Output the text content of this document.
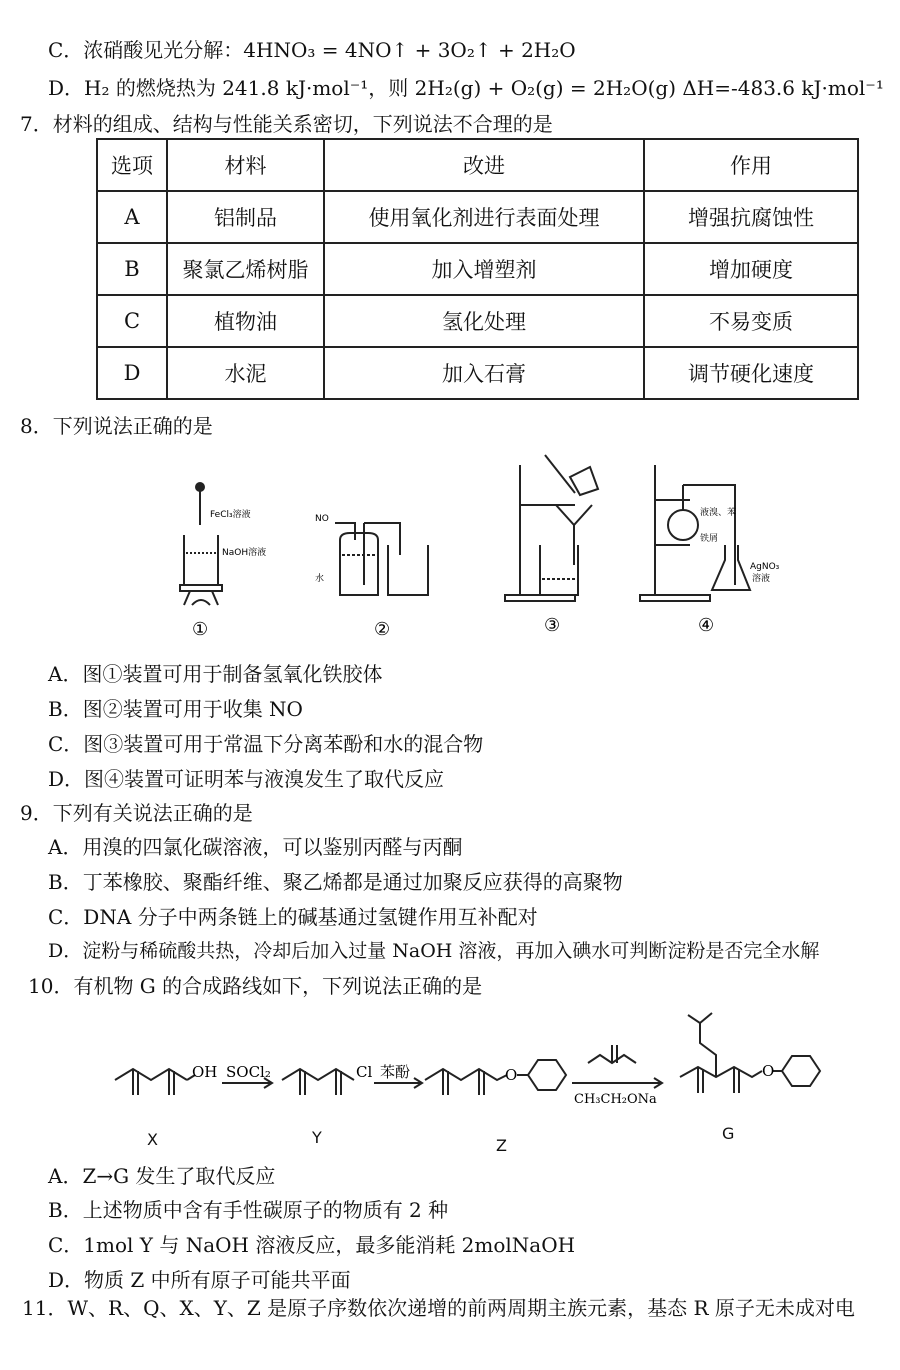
C．浓硝酸见光分解：4HNO₃ = 4NO↑ + 3O₂↑ + 2H₂O
D．H₂ 的燃烧热为 241.8 kJ·mol⁻¹，则 2H₂(g) + O₂(g) = 2H₂O(g) ΔH=-483.6 kJ·mol⁻¹
7．材料的组成、结构与性能关系密切，下列说法不合理的是
选项	材料	改进	作用
A	铝制品	使用氧化剂进行表面处理	增强抗腐蚀性
B	聚氯乙烯树脂	加入增塑剂	增加硬度
C	植物油	氢化处理	不易变质
D	水泥	加入石膏	调节硬化速度
8．下列说法正确的是
FeCl₃溶液
NaOH溶液
NO
水
液溴、苯
铁屑
AgNO₃
溶液
①	②	③	④
A．图①装置可用于制备氢氧化铁胶体
B．图②装置可用于收集 NO
C．图③装置可用于常温下分离苯酚和水的混合物
D．图④装置可证明苯与液溴发生了取代反应
9．下列有关说法正确的是
A．用溴的四氯化碳溶液，可以鉴别丙醛与丙酮
B．丁苯橡胶、聚酯纤维、聚乙烯都是通过加聚反应获得的高聚物
C．DNA 分子中两条链上的碱基通过氢键作用互补配对
D．淀粉与稀硫酸共热，冷却后加入过量 NaOH 溶液，再加入碘水可判断淀粉是否完全水解
10．有机物 G 的合成路线如下，下列说法正确的是
OH	Cl	O	O
SOCl₂	苯酚
CH₃CH₂ONa
X	Y	Z
G
A．Z→G 发生了取代反应
B．上述物质中含有手性碳原子的物质有 2 种
C．1mol Y 与 NaOH 溶液反应，最多能消耗 2molNaOH
D．物质 Z 中所有原子可能共平面
11．W、R、Q、X、Y、Z 是原子序数依次递增的前两周期主族元素，基态 R 原子无未成对电
